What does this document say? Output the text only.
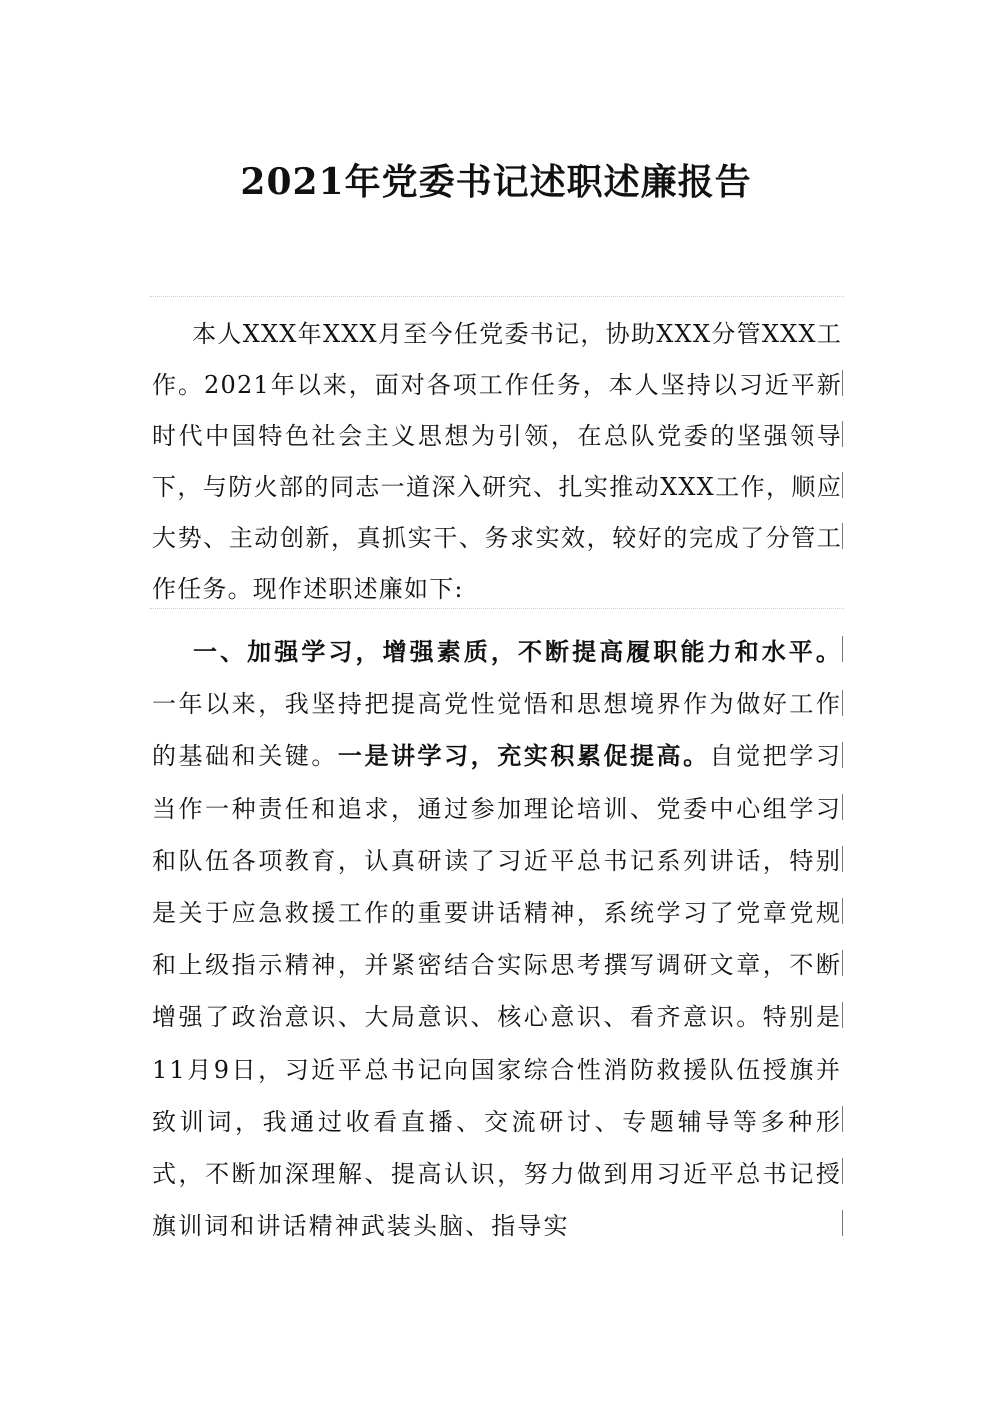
2021年党委书记述职述廉报告

本人XXX年XXX月至今任党委书记，协助XXX分管XXX工作。2021年以来，面对各项工作任务，本人坚持以习近平新时代中国特色社会主义思想为引领，在总队党委的坚强领导下，与防火部的同志一道深入研究、扎实推动XXX工作，顺应大势、主动创新，真抓实干、务求实效，较好的完成了分管工作任务。现作述职述廉如下:

一、加强学习，增强素质，不断提高履职能力和水平。一年以来，我坚持把提高党性觉悟和思想境界作为做好工作的基础和关键。一是讲学习，充实积累促提高。自觉把学习当作一种责任和追求，通过参加理论培训、党委中心组学习和队伍各项教育，认真研读了习近平总书记系列讲话，特别是关于应急救援工作的重要讲话精神，系统学习了党章党规和上级指示精神，并紧密结合实际思考撰写调研文章，不断增强了政治意识、大局意识、核心意识、看齐意识。特别是11月9日，习近平总书记向国家综合性消防救援队伍授旗并致训词，我通过收看直播、交流研讨、专题辅导等多种形式，不断加深理解、提高认识，努力做到用习近平总书记授旗训词和讲话精神武装头脑、指导实
